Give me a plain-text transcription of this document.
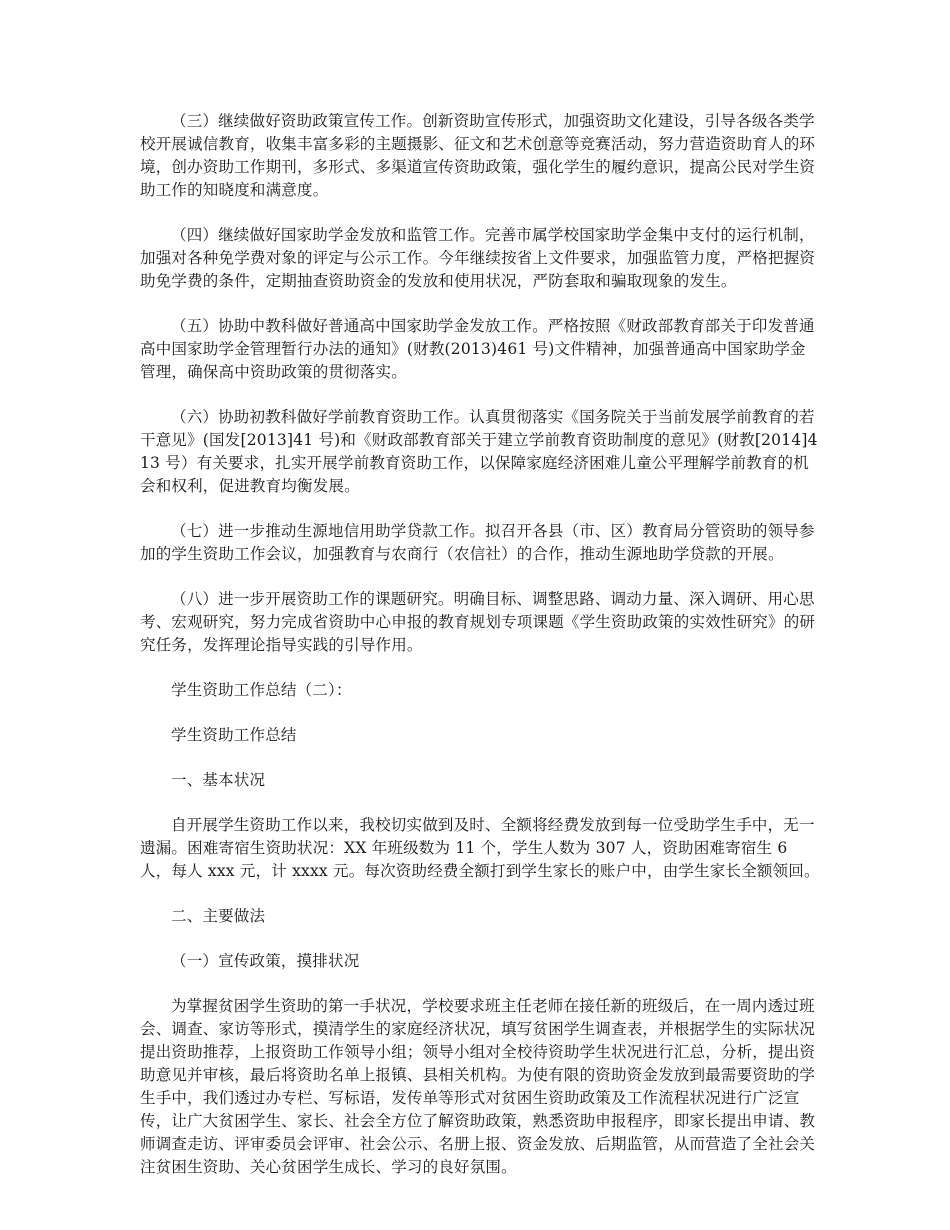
（三）继续做好资助政策宣传工作。创新资助宣传形式，加强资助文化建设，引导各级各类学校开展诚信教育，收集丰富多彩的主题摄影、征文和艺术创意等竞赛活动，努力营造资助育人的环境，创办资助工作期刊，多形式、多渠道宣传资助政策，强化学生的履约意识，提高公民对学生资助工作的知晓度和满意度。

（四）继续做好国家助学金发放和监管工作。完善市属学校国家助学金集中支付的运行机制，加强对各种免学费对象的评定与公示工作。今年继续按省上文件要求，加强监管力度，严格把握资助免学费的条件，定期抽查资助资金的发放和使用状况，严防套取和骗取现象的发生。

（五）协助中教科做好普通高中国家助学金发放工作。严格按照《财政部教育部关于印发普通高中国家助学金管理暂行办法的通知》(财教(2013)461 号)文件精神，加强普通高中国家助学金管理，确保高中资助政策的贯彻落实。

（六）协助初教科做好学前教育资助工作。认真贯彻落实《国务院关于当前发展学前教育的若干意见》(国发[2013]41 号)和《财政部教育部关于建立学前教育资助制度的意见》(财教[2014]413 号）有关要求，扎实开展学前教育资助工作，以保障家庭经济困难儿童公平理解学前教育的机会和权利，促进教育均衡发展。

（七）进一步推动生源地信用助学贷款工作。拟召开各县（市、区）教育局分管资助的领导参加的学生资助工作会议，加强教育与农商行（农信社）的合作，推动生源地助学贷款的开展。

（八）进一步开展资助工作的课题研究。明确目标、调整思路、调动力量、深入调研、用心思考、宏观研究，努力完成省资助中心申报的教育规划专项课题《学生资助政策的实效性研究》的研究任务，发挥理论指导实践的引导作用。

学生资助工作总结（二）：

学生资助工作总结

一、基本状况

自开展学生资助工作以来，我校切实做到及时、全额将经费发放到每一位受助学生手中，无一遗漏。困难寄宿生资助状况：XX 年班级数为 11 个，学生人数为 307 人，资助困难寄宿生 6 人，每人 xxx 元，计 xxxx 元。每次资助经费全额打到学生家长的账户中，由学生家长全额领回。

二、主要做法

（一）宣传政策，摸排状况

为掌握贫困学生资助的第一手状况，学校要求班主任老师在接任新的班级后，在一周内透过班会、调查、家访等形式，摸清学生的家庭经济状况，填写贫困学生调查表，并根据学生的实际状况提出资助推荐，上报资助工作领导小组；领导小组对全校待资助学生状况进行汇总，分析，提出资助意见并审核，最后将资助名单上报镇、县相关机构。为使有限的资助资金发放到最需要资助的学生手中，我们透过办专栏、写标语，发传单等形式对贫困生资助政策及工作流程状况进行广泛宣传，让广大贫困学生、家长、社会全方位了解资助政策，熟悉资助申报程序，即家长提出申请、教师调查走访、评审委员会评审、社会公示、名册上报、资金发放、后期监管，从而营造了全社会关注贫困生资助、关心贫困学生成长、学习的良好氛围。
